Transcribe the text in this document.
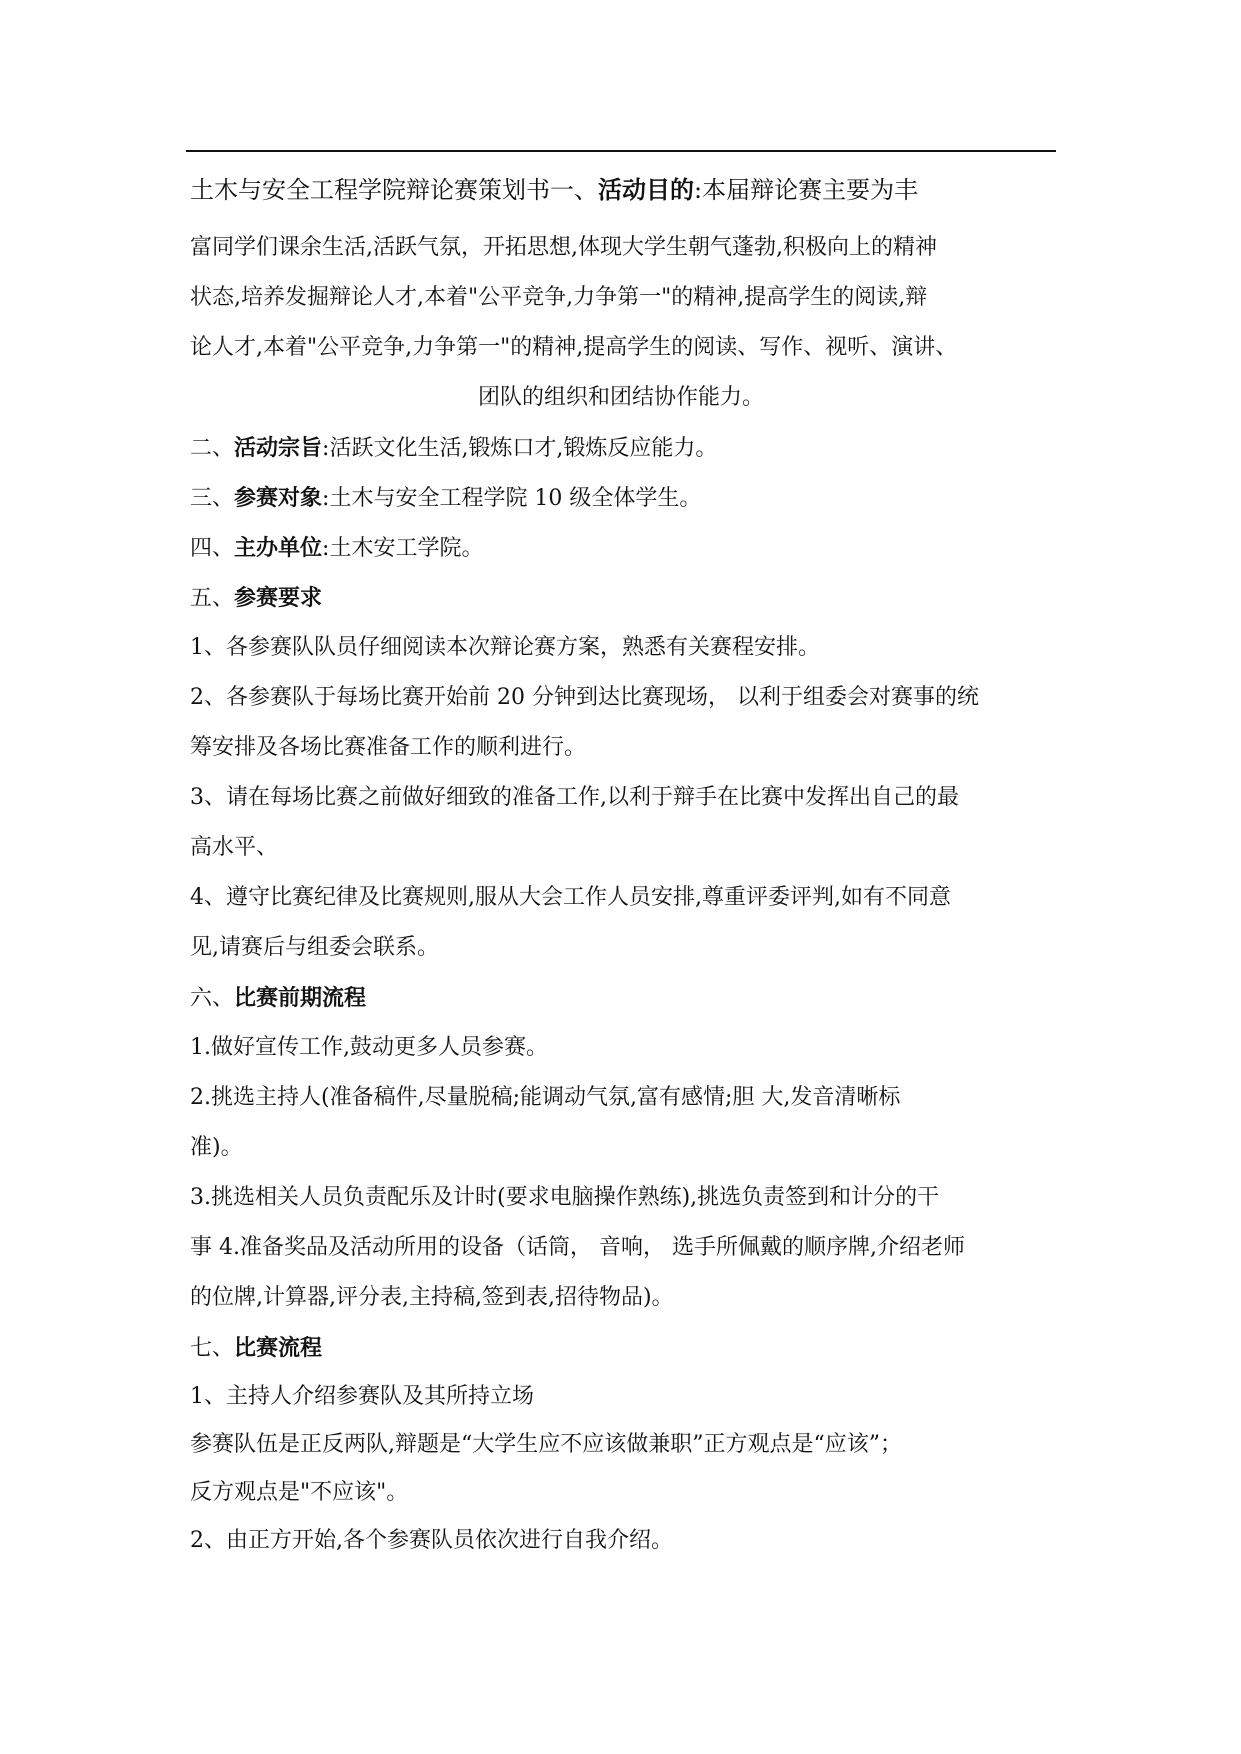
土木与安全工程学院辩论赛策划书一、活动目的:本届辩论赛主要为丰
富同学们课余生活,活跃气氛，开拓思想,体现大学生朝气蓬勃,积极向上的精神
状态,培养发掘辩论人才,本着"公平竞争,力争第一"的精神,提高学生的阅读,辩
论人才,本着"公平竞争,力争第一"的精神,提高学生的阅读、写作、视听、演讲、
团队的组织和团结协作能力。
二、活动宗旨:活跃文化生活,锻炼口才,锻炼反应能力。
三、参赛对象:土木与安全工程学院 10 级全体学生。
四、主办单位:土木安工学院。
五、参赛要求
1、各参赛队队员仔细阅读本次辩论赛方案，熟悉有关赛程安排。
2、各参赛队于每场比赛开始前 20 分钟到达比赛现场， 以利于组委会对赛事的统
筹安排及各场比赛准备工作的顺利进行。
3、请在每场比赛之前做好细致的准备工作,以利于辩手在比赛中发挥出自己的最
高水平、
4、遵守比赛纪律及比赛规则,服从大会工作人员安排,尊重评委评判,如有不同意
见,请赛后与组委会联系。
六、比赛前期流程
1.做好宣传工作,鼓动更多人员参赛。
2.挑选主持人(准备稿件,尽量脱稿;能调动气氛,富有感情;胆 大,发音清晰标
准)。
3.挑选相关人员负责配乐及计时(要求电脑操作熟练),挑选负责签到和计分的干
事 4.准备奖品及活动所用的设备（话筒， 音响， 选手所佩戴的顺序牌,介绍老师
的位牌,计算器,评分表,主持稿,签到表,招待物品)。
七、比赛流程
1、主持人介绍参赛队及其所持立场
参赛队伍是正反两队,辩题是“大学生应不应该做兼职”正方观点是“应该”；
反方观点是"不应该"。
2、由正方开始,各个参赛队员依次进行自我介绍。
